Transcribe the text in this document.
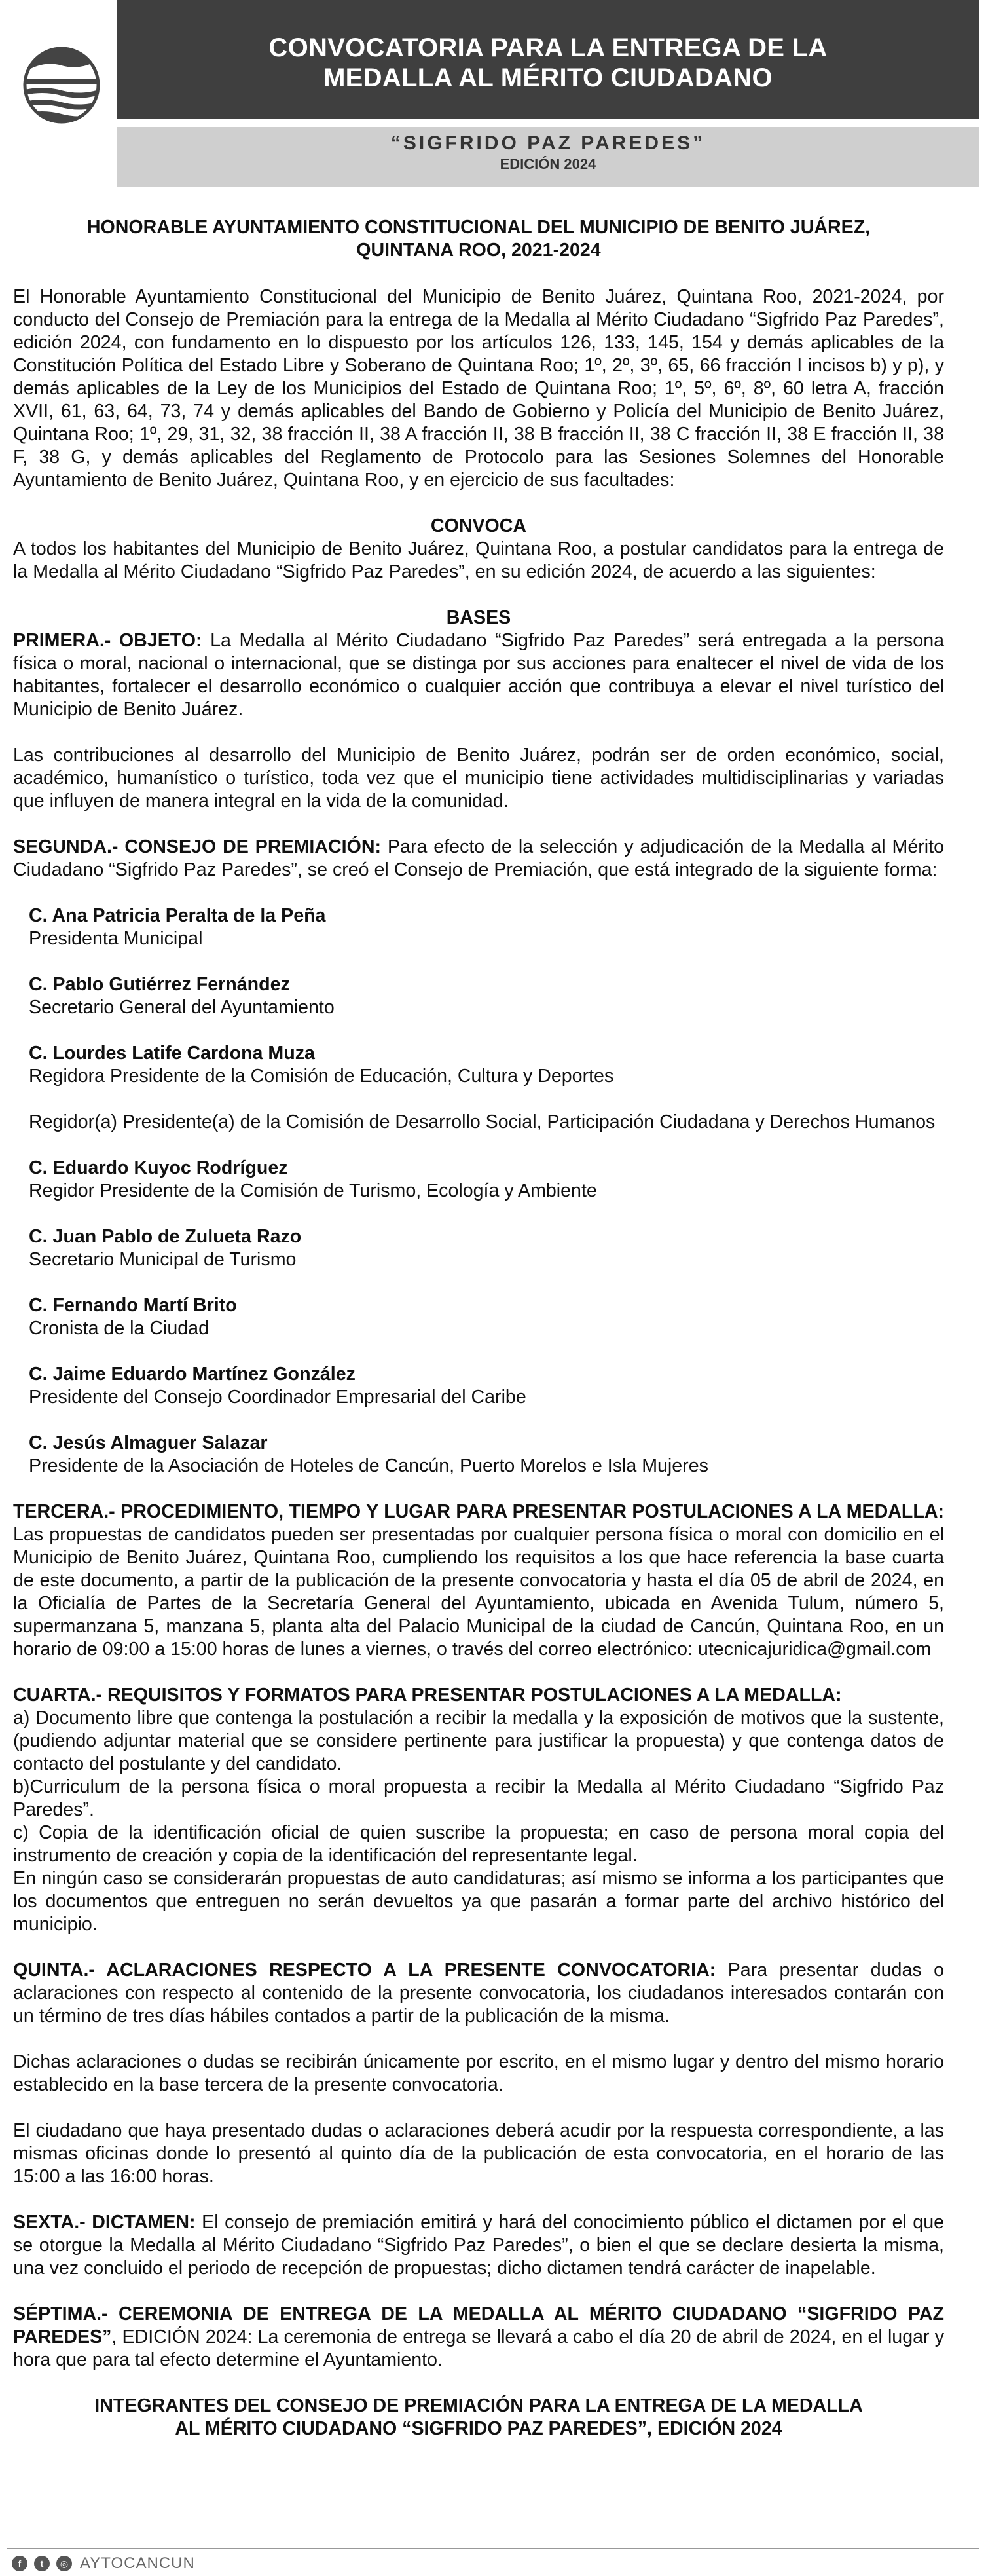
CONVOCATORIA PARA LA ENTREGA DE LA
MEDALLA AL MÉRITO CIUDADANO
“SIGFRIDO PAZ PAREDES”
EDICIÓN 2024
HONORABLE AYUNTAMIENTO CONSTITUCIONAL DEL MUNICIPIO DE BENITO JUÁREZ,
QUINTANA ROO, 2021-2024

El Honorable Ayuntamiento Constitucional del Municipio de Benito Juárez, Quintana Roo, 2021-2024, por conducto del Consejo de Premiación para la entrega de la Medalla al Mérito Ciudadano “Sigfrido Paz Paredes”, edición 2024, con fundamento en lo dispuesto por los artículos 126, 133, 145, 154 y demás aplicables de la Constitución Política del Estado Libre y Soberano de Quintana Roo; 1º, 2º, 3º, 65, 66 fracción I incisos b) y p), y demás aplicables de la Ley de los Municipios del Estado de Quintana Roo; 1º, 5º, 6º, 8º, 60 letra A, fracción XVII, 61, 63, 64, 73, 74 y demás aplicables del Bando de Gobierno y Policía del Municipio de Benito Juárez, Quintana Roo; 1º, 29, 31, 32, 38 fracción II, 38 A fracción II, 38 B fracción II, 38 C fracción II, 38 E fracción II, 38 F, 38 G, y demás aplicables del Reglamento de Protocolo para las Sesiones Solemnes del Honorable Ayuntamiento de Benito Juárez, Quintana Roo, y en ejercicio de sus facultades:

CONVOCA

A todos los habitantes del Municipio de Benito Juárez, Quintana Roo, a postular candidatos para la entrega de la Medalla al Mérito Ciudadano “Sigfrido Paz Paredes”, en su edición 2024, de acuerdo a las siguientes:

BASES

PRIMERA.- OBJETO: La Medalla al Mérito Ciudadano “Sigfrido Paz Paredes” será entregada a la persona física o moral, nacional o internacional, que se distinga por sus acciones para enaltecer el nivel de vida de los habitantes, fortalecer el desarrollo económico o cualquier acción que contribuya a elevar el nivel turístico del Municipio de Benito Juárez.

Las contribuciones al desarrollo del Municipio de Benito Juárez, podrán ser de orden económico, social, académico, humanístico o turístico, toda vez que el municipio tiene actividades multidisciplinarias y variadas que influyen de manera integral en la vida de la comunidad.

SEGUNDA.- CONSEJO DE PREMIACIÓN: Para efecto de la selección y adjudicación de la Medalla al Mérito Ciudadano “Sigfrido Paz Paredes”, se creó el Consejo de Premiación, que está integrado de la siguiente forma:

C. Ana Patricia Peralta de la Peña
Presidenta Municipal
C. Pablo Gutiérrez Fernández
Secretario General del Ayuntamiento
C. Lourdes Latife Cardona Muza
Regidora Presidente de la Comisión de Educación, Cultura y Deportes
Regidor(a) Presidente(a) de la Comisión de Desarrollo Social, Participación Ciudadana y Derechos Humanos
C. Eduardo Kuyoc Rodríguez
Regidor Presidente de la Comisión de Turismo, Ecología y Ambiente
C. Juan Pablo de Zulueta Razo
Secretario Municipal de Turismo
C. Fernando Martí Brito
Cronista de la Ciudad
C. Jaime Eduardo Martínez González
Presidente del Consejo Coordinador Empresarial del Caribe
C. Jesús Almaguer Salazar
Presidente de la Asociación de Hoteles de Cancún, Puerto Morelos e Isla Mujeres

TERCERA.- PROCEDIMIENTO, TIEMPO Y LUGAR PARA PRESENTAR POSTULACIONES A LA MEDALLA: Las propuestas de candidatos pueden ser presentadas por cualquier persona física o moral con domicilio en el Municipio de Benito Juárez, Quintana Roo, cumpliendo los requisitos a los que hace referencia la base cuarta de este documento, a partir de la publicación de la presente convocatoria y hasta el día 05 de abril de 2024, en la Oficialía de Partes de la Secretaría General del Ayuntamiento, ubicada en Avenida Tulum, número 5, supermanzana 5, manzana 5, planta alta del Palacio Municipal de la ciudad de Cancún, Quintana Roo, en un horario de 09:00 a 15:00 horas de lunes a viernes, o través del correo electrónico: utecnicajuridica@gmail.com

CUARTA.- REQUISITOS Y FORMATOS PARA PRESENTAR POSTULACIONES A LA MEDALLA:

a) Documento libre que contenga la postulación a recibir la medalla y la exposición de motivos que la sustente, (pudiendo adjuntar material que se considere pertinente para justificar la propuesta) y que contenga datos de contacto del postulante y del candidato.

b)Curriculum de la persona física o moral propuesta a recibir la Medalla al Mérito Ciudadano “Sigfrido Paz Paredes”.

c) Copia de la identificación oficial de quien suscribe la propuesta; en caso de persona moral copia del instrumento de creación y copia de la identificación del representante legal.

En ningún caso se considerarán propuestas de auto candidaturas; así mismo se informa a los participantes que los documentos que entreguen no serán devueltos ya que pasarán a formar parte del archivo histórico del municipio.

QUINTA.- ACLARACIONES RESPECTO A LA PRESENTE CONVOCATORIA: Para presentar dudas o aclaraciones con respecto al contenido de la presente convocatoria, los ciudadanos interesados contarán con un término de tres días hábiles contados a partir de la publicación de la misma.

Dichas aclaraciones o dudas se recibirán únicamente por escrito, en el mismo lugar y dentro del mismo horario establecido en la base tercera de la presente convocatoria.

El ciudadano que haya presentado dudas o aclaraciones deberá acudir por la respuesta correspondiente, a las mismas oficinas donde lo presentó al quinto día de la publicación de esta convocatoria, en el horario de las 15:00 a las 16:00 horas.

SEXTA.- DICTAMEN: El consejo de premiación emitirá y hará del conocimiento público el dictamen por el que se otorgue la Medalla al Mérito Ciudadano “Sigfrido Paz Paredes”, o bien el que se declare desierta la misma, una vez concluido el periodo de recepción de propuestas; dicho dictamen tendrá carácter de inapelable.

SÉPTIMA.- CEREMONIA DE ENTREGA DE LA MEDALLA AL MÉRITO CIUDADANO “SIGFRIDO PAZ PAREDES”, EDICIÓN 2024: La ceremonia de entrega se llevará a cabo el día 20 de abril de 2024, en el lugar y hora que para tal efecto determine el Ayuntamiento.

INTEGRANTES DEL CONSEJO DE PREMIACIÓN PARA LA ENTREGA DE LA MEDALLA
AL MÉRITO CIUDADANO “SIGFRIDO PAZ PAREDES”, EDICIÓN 2024
f	t	◎ AYTOCANCUN
